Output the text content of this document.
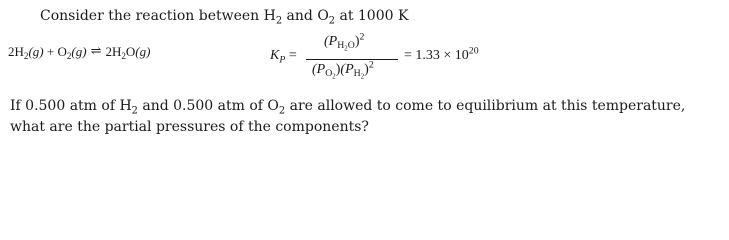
Consider the reaction between $H_2$ and $O_2$ at 1000 K
$2H_2(g) + O_2(g)$ ⇌ $2H_2O(g)$	$K_P$ =
$(P_{H_2O})^2$
$(P_{O_2})(P_{H_2})^2$
= $1.33 \times 10^{20}$
If 0.500 atm of $H_2$ and 0.500 atm of $O_2$ are allowed to come to equilibrium at this temperature, what are the partial pressures of the components?
